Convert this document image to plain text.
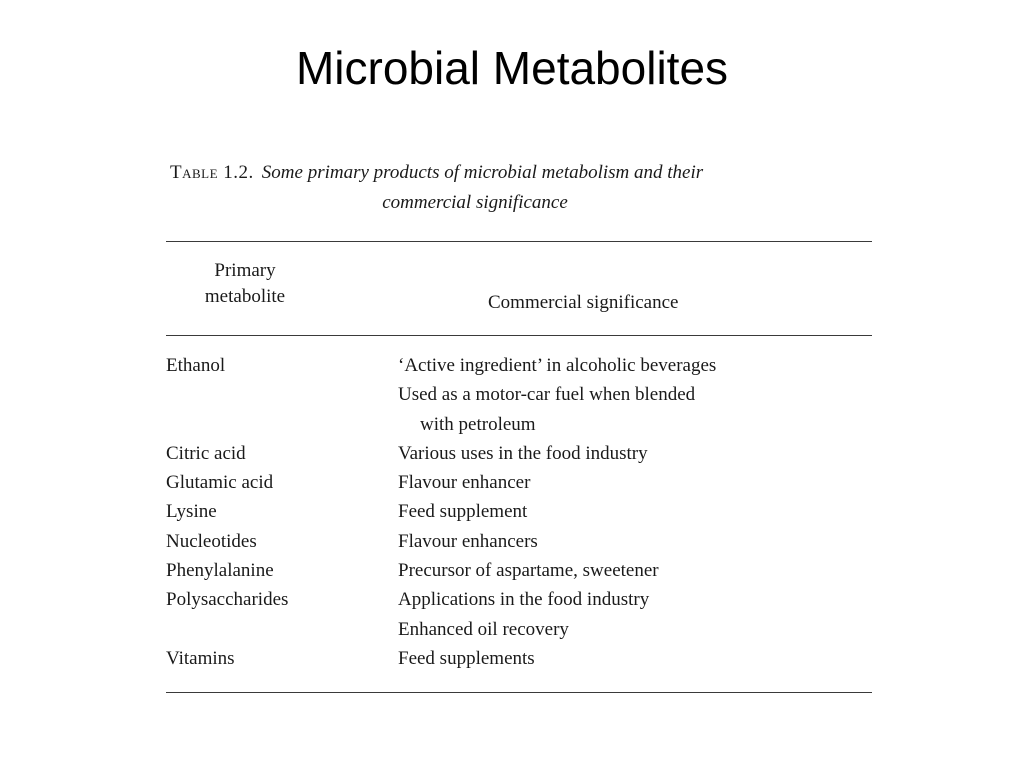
Microbial Metabolites
Table 1.2. Some primary products of microbial metabolism and their
commercial significance
Primary
metabolite	Commercial significance
Ethanol	‘Active ingredient’ in alcoholic beverages
Used as a motor-car fuel when blended
with petroleum
Citric acid	Various uses in the food industry
Glutamic acid	Flavour enhancer
Lysine	Feed supplement
Nucleotides	Flavour enhancers
Phenylalanine	Precursor of aspartame, sweetener
Polysaccharides	Applications in the food industry
Enhanced oil recovery
Vitamins	Feed supplements
